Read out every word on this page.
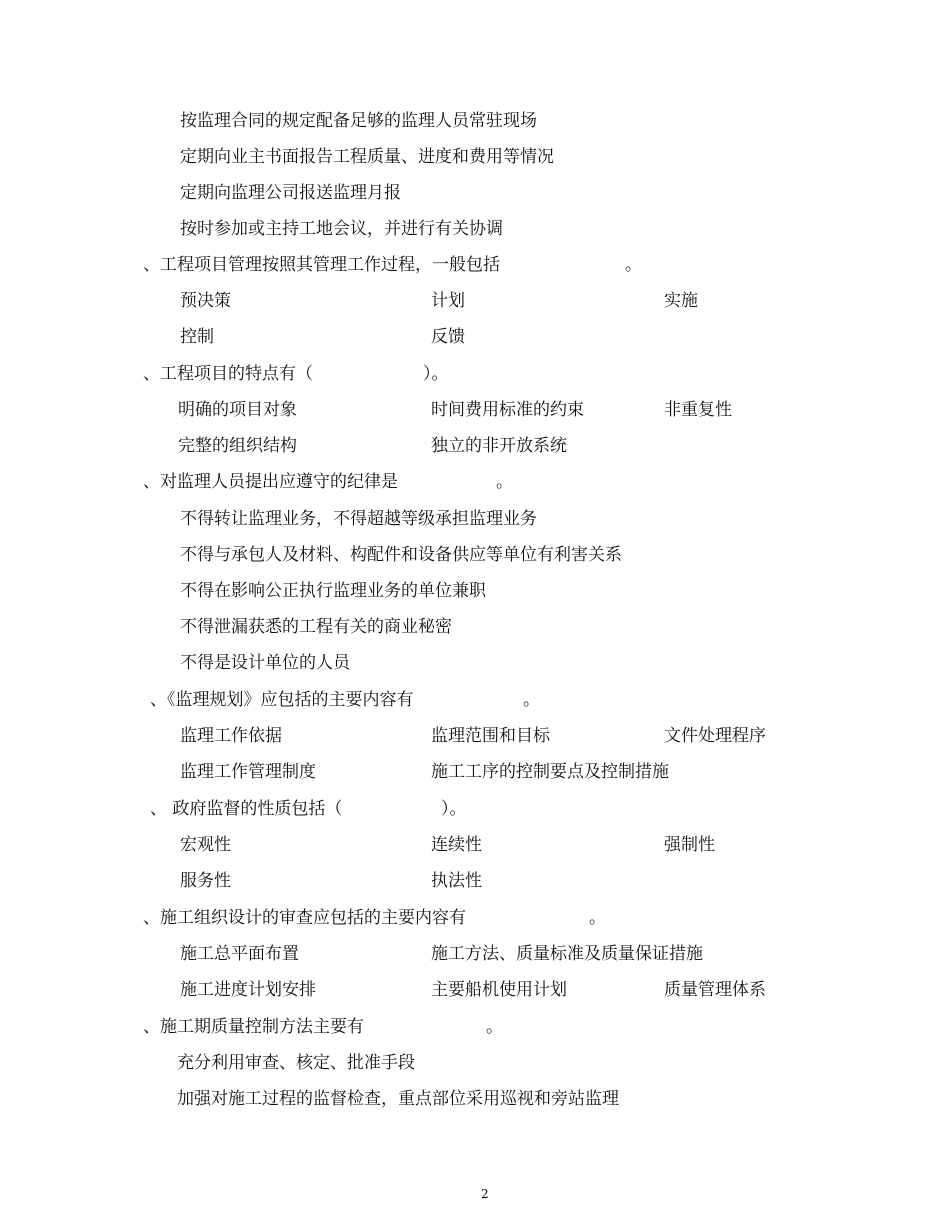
按监理合同的规定配备足够的监理人员常驻现场
定期向业主书面报告工程质量、进度和费用等情况
定期向监理公司报送监理月报
按时参加或主持工地会议，并进行有关协调
、工程项目管理按照其管理工作过程，一般包括	。
预决策	计划	实施
控制	反馈
、工程项目的特点有（	）。
明确的项目对象	时间费用标准的约束	非重复性
完整的组织结构	独立的非开放系统
、对监理人员提出应遵守的纪律是	。
不得转让监理业务，不得超越等级承担监理业务
不得与承包人及材料、构配件和设备供应等单位有利害关系
不得在影响公正执行监理业务的单位兼职
不得泄漏获悉的工程有关的商业秘密
不得是设计单位的人员
、《监理规划》应包括的主要内容有	。
监理工作依据	监理范围和目标	文件处理程序
监理工作管理制度	施工工序的控制要点及控制措施
、 政府监督的性质包括（	）。
宏观性	连续性	强制性
服务性	执法性
、施工组织设计的审查应包括的主要内容有	。
施工总平面布置	施工方法、质量标准及质量保证措施
施工进度计划安排	主要船机使用计划	质量管理体系
、施工期质量控制方法主要有	。
充分利用审查、核定、批准手段
加强对施工过程的监督检查，重点部位采用巡视和旁站监理
2
